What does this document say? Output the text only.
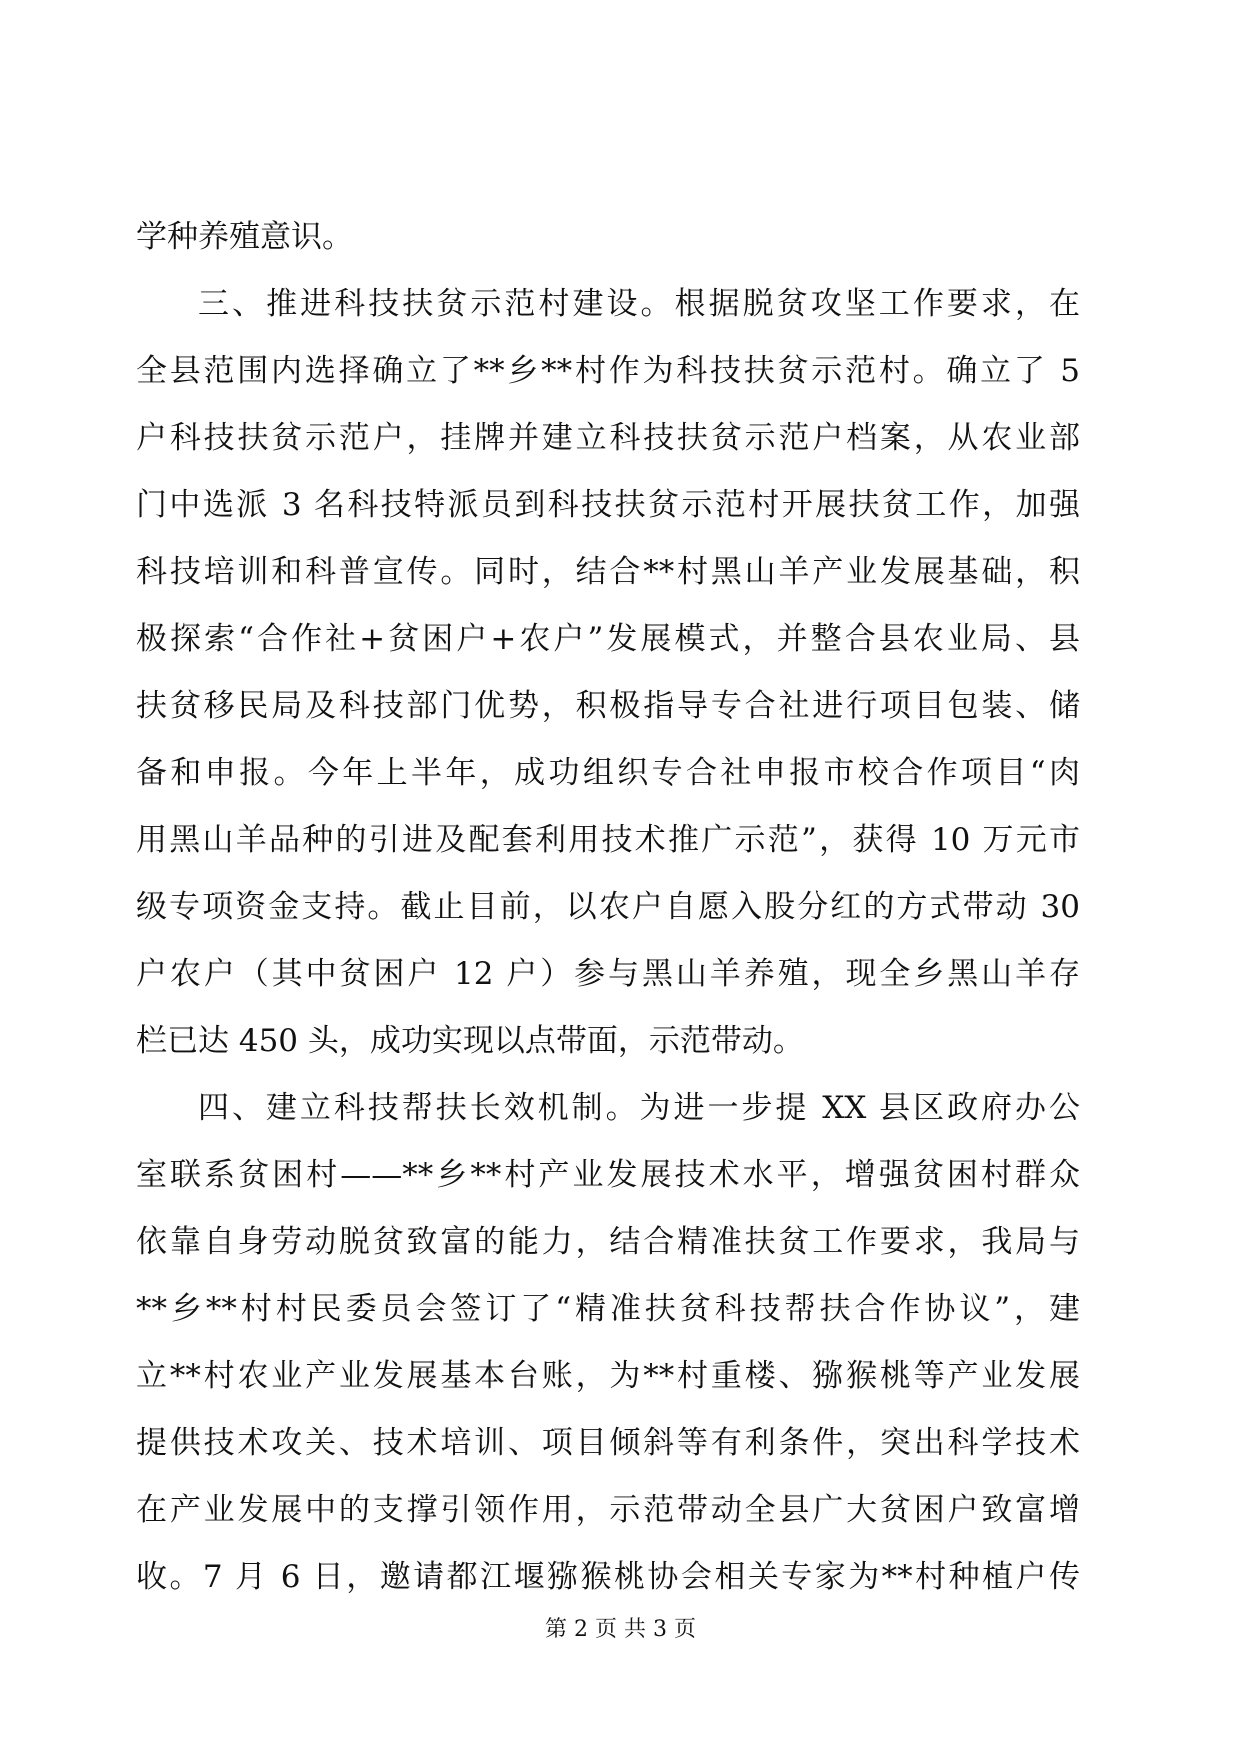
学种养殖意识。
三、推进科技扶贫示范村建设。根据脱贫攻坚工作要求，在
全县范围内选择确立了**乡**村作为科技扶贫示范村。确立了 5
户科技扶贫示范户，挂牌并建立科技扶贫示范户档案，从农业部
门中选派 3 名科技特派员到科技扶贫示范村开展扶贫工作，加强
科技培训和科普宣传。同时，结合**村黑山羊产业发展基础，积
极探索“合作社+贫困户+农户”发展模式，并整合县农业局、县
扶贫移民局及科技部门优势，积极指导专合社进行项目包装、储
备和申报。今年上半年，成功组织专合社申报市校合作项目“肉
用黑山羊品种的引进及配套利用技术推广示范”，获得 10 万元市
级专项资金支持。截止目前，以农户自愿入股分红的方式带动 30
户农户（其中贫困户 12 户）参与黑山羊养殖，现全乡黑山羊存
栏已达 450 头，成功实现以点带面，示范带动。
四、建立科技帮扶长效机制。为进一步提 XX 县区政府办公
室联系贫困村——**乡**村产业发展技术水平，增强贫困村群众
依靠自身劳动脱贫致富的能力，结合精准扶贫工作要求，我局与
**乡**村村民委员会签订了“精准扶贫科技帮扶合作协议”，建
立**村农业产业发展基本台账，为**村重楼、猕猴桃等产业发展
提供技术攻关、技术培训、项目倾斜等有利条件，突出科学技术
在产业发展中的支撑引领作用，示范带动全县广大贫困户致富增
收。7 月 6 日，邀请都江堰猕猴桃协会相关专家为**村种植户传
第 2 页 共 3 页
